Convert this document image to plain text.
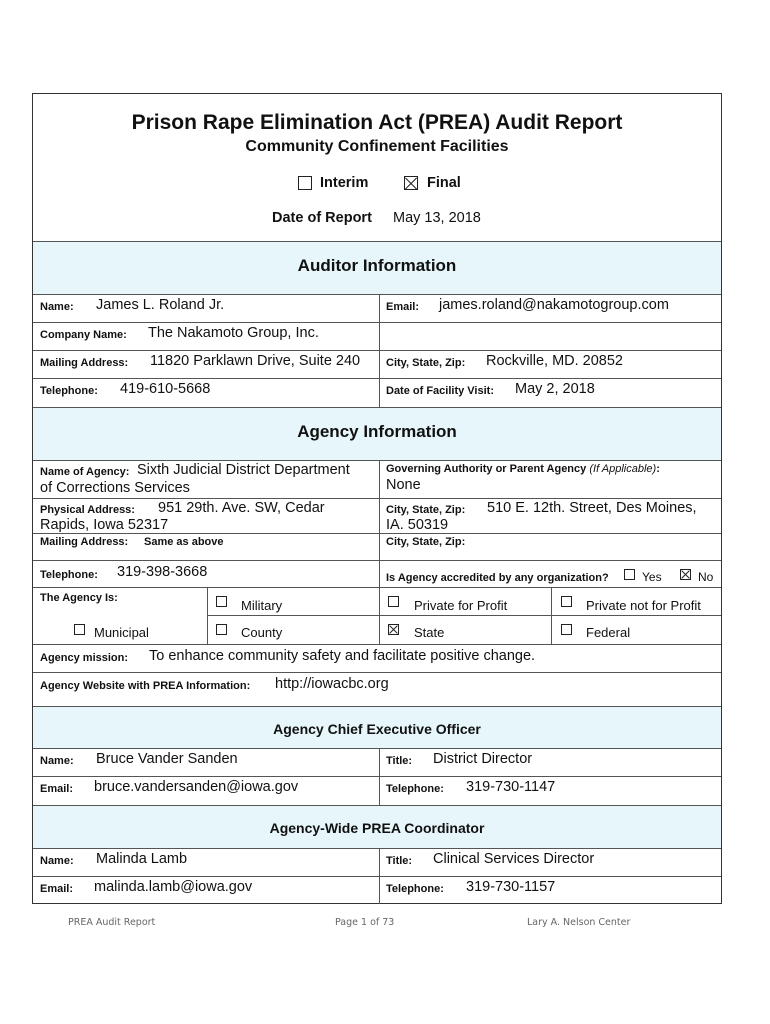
Prison Rape Elimination Act (PREA) Audit Report
Community Confinement Facilities
Interim	Final
Date of Report May 13, 2018
Auditor Information
Name: James L. Roland Jr.	Email: james.roland@nakamotogroup.com
Company Name: The Nakamoto Group, Inc.
Mailing Address: 11820 Parklawn Drive, Suite 240 City, State, Zip: Rockville, MD. 20852
Telephone: 419-610-5668	Date of Facility Visit: May 2, 2018
Agency Information
Name of Agency: Sixth Judicial District Department
of Corrections Services
Governing Authority or Parent Agency (If Applicable):
None
Physical Address: 951 29th. Ave. SW, Cedar
Rapids, Iowa 52317
City, State, Zip: 510 E. 12th. Street, Des Moines,
IA. 50319
Mailing Address: Same as above	City, State, Zip:
Telephone: 319-398-3668	Is Agency accredited by any organization?	Yes	No
The Agency Is:	Military	Private for Profit	Private not for Profit
Municipal	County	State	Federal
Agency mission: To enhance community safety and facilitate positive change.
Agency Website with PREA Information: http://iowacbc.org
Agency Chief Executive Officer
Name: Bruce Vander Sanden	Title: District Director
Email: bruce.vandersanden@iowa.gov	Telephone: 319-730-1147
Agency-Wide PREA Coordinator
Name: Malinda Lamb	Title: Clinical Services Director
Email: malinda.lamb@iowa.gov	Telephone: 319-730-1157
PREA Audit Report	Page 1 of 73	Lary A. Nelson Center
